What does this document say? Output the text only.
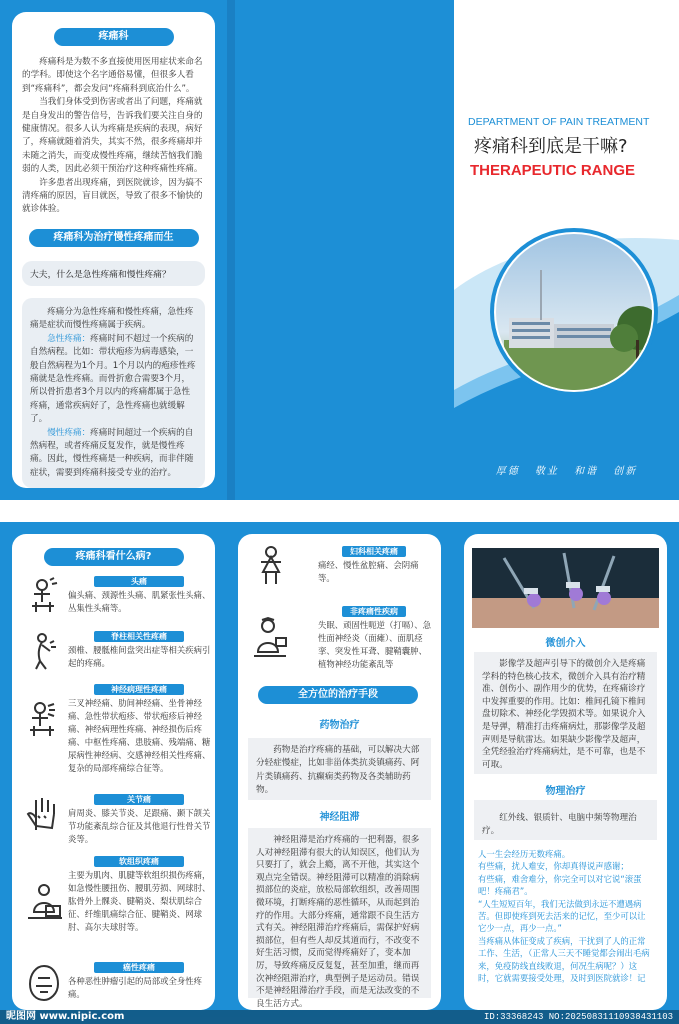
疼痛科

疼痛科是为数不多直接使用医用症状来命名的学科。即使这个名字通俗易懂，但很多人看到“疼痛科”，都会发问“疼痛科到底治什么”。

当我们身体受到伤害或者出了问题，疼痛就是自身发出的警告信号，告诉我们要关注自身的健康情况。很多人认为疼痛是疾病的表现，病好了，疼痛就随着消失，其实不然，很多疼痛却并未随之消失，而变成慢性疼痛，继续苦恼我们脆弱的人类，因此必须干预治疗这种疼痛性疼痛。

许多患者出现疼痛，到医院就诊，因为搞不清疼痛的原因，盲目就医，导致了很多不愉快的就诊体验。

疼痛科为治疗慢性疼痛而生
大夫，什么是急性疼痛和慢性疼痛？

疼痛分为急性疼痛和慢性疼痛，急性疼痛是症状而慢性疼痛属于疾病。

急性疼痛：疼痛时间不超过一个疾病的自然病程。比如：带状疱疹为病毒感染，一般自然病程为1个月。1个月以内的疱疹性疼痛就是急性疼痛。而骨折愈合需要3个月，所以骨折患者3个月以内的疼痛都属于急性疼痛，通常疾病好了，急性疼痛也就缓解了。

慢性疼痛：疼痛时间超过一个疾病的自然病程，或者疼痛反复发作，就是慢性疼痛。因此，慢性疼痛是一种疾病，而非伴随症状，需要到疼痛科接受专业的治疗。

DEPARTMENT OF PAIN TREATMENT
疼痛科到底是干嘛?
THERAPEUTIC RANGE
厚德 敬业 和谐 创新
疼痛科看什么病?
头痛
偏头痛、颈源性头痛、肌紧张性头痛、丛集性头痛等。
脊柱相关性疼痛
颈椎、腰骶椎间盘突出症等相关疾病引起的疼痛。
神经病理性疼痛
三叉神经痛、肋间神经痛、坐骨神经痛、急性带状疱疹、带状疱疹后神经痛、神经病理性疼痛、神经损伤后疼痛、中枢性疼痛、患肢痛、残端痛、糖尿病性神经病、交感神经相关性疼痛、复杂的局部疼痛综合征等。
关节痛
肩周炎、膝关节炎、足跟痛、颞下颌关节功能紊乱综合征及其他退行性骨关节炎等。
软组织疼痛
主要为肌肉、肌腱等软组织损伤疼痛，如急慢性腰扭伤、腰肌劳损、网球肘、肱骨外上髁炎、腱鞘炎、梨状肌综合征、纤维肌痛综合征、腱鞘炎、网球肘、高尔夫球肘等。
癌性疼痛
各种恶性肿瘤引起的局部或全身性疼痛。
妇科相关疼痛
痛经、慢性盆腔痛、会阴痛等。
非疼痛性疾病
失眠、顽固性呃逆（打嗝）、急性面神经炎（面瘫）、面肌痉挛、突发性耳聋、腱鞘囊肿、植物神经功能紊乱等
全方位的治疗手段
药物治疗

药物是治疗疼痛的基础，可以解决大部分轻症慢症，比如非甾体类抗炎镇痛药、阿片类镇痛药、抗癫痫类药物及各类辅助药物。

神经阻滞

神经阻滞是治疗疼痛的一把利器，很多人对神经阻滞有很大的认知误区，他们认为只要打了，就会上瘾，离不开他，其实这个观点完全错误。神经阻滞可以精准的消除病损部位的炎症，放松局部软组织，改善周围微环境，打断疼痛的恶性循环，从而起到治疗的作用。大部分疼痛，通常跟不良生活方式有关。神经阻滞治疗疼痛后，需保护好病损部位，但有些人却反其道而行，不改变不好生活习惯，反而觉得疼痛好了，变本加厉，导致疼痛反反复复，甚至加重，继而再次神经阻滞治疗，典型例子是运动员。错误不是神经阻滞治疗手段，而是无法改变的不良生活方式。

微创介入

影像学及超声引导下的微创介入是疼痛学科的特色核心技术，微创介入具有治疗精准、创伤小、副作用少的优势，在疼痛诊疗中发挥重要的作用。比如：椎间孔镜下椎间盘切除术、神经化学毁损术等。如果说介入是导弹，精准打击疼痛病灶，那影像学及超声则是导航雷达。如果缺少影像学及超声，全凭经验治疗疼痛病灶，是不可靠，也是不可取。

物理治疗

红外线、银质针、电脑中频等物理治疗。

人一生会经历无数疼痛。

有些痛，扰人难安，你却真得说声感谢；

有些痛，难舍难分，你完全可以对它说“滚蛋吧！疼痛君”。

“人生短短百年，我们无法做到永远不遭遇病苦。但即使疼到死去活来的记忆，至少可以让它少一点，再少一点。”

当疼痛从体征变成了疾病，干扰到了人的正常工作、生活，（正常人三天不睡觉都会闹出毛病来，免疫防线直线败退，何况生病呢？）这时，它就需要接受处理，及时到医院就诊！记

昵图网 www.nipic.com	ID:33368243 NO:20250831110938431103
